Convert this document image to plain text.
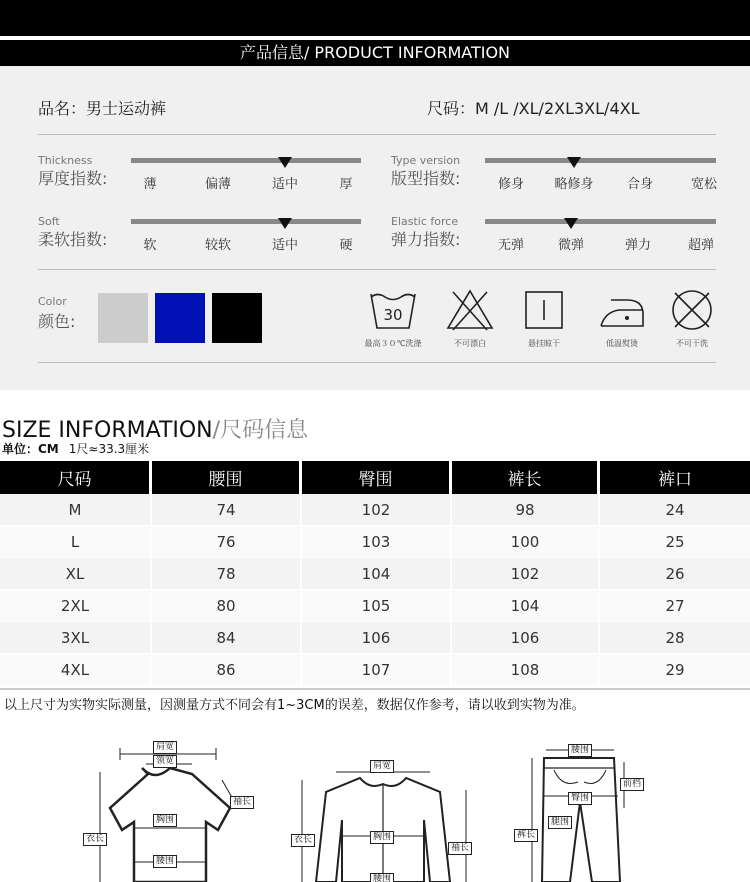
产品信息/ PRODUCT INFORMATION
品名：男士运动裤	尺码：M /L /XL/2XL3XL/4XL
Thickness
厚度指数:	薄	偏薄	适中	厚
Type version
版型指数:	修身 略修身	合身	宽松
Soft
柔软指数:	软	较软	适中	硬
Elastic force
弹力指数:	无弹	微弹	弹力	超弹
Color
颜色:	30
最高３０℃洗涤	不可漂白	悬挂晾干	低温熨烫	不可干洗
SIZE INFORMATION/尺码信息
单位：CM 1尺≈33.3厘米
尺码	腰围	臀围	裤长	裤口
M	74	102	98	24
L	76	103	100	25
XL	78	104	102	26
2XL	80	105	104	27
3XL	84	106	106	28
4XL	86	107	108	29
以上尺寸为实物实际测量，因测量方式不同会有1~3CM的误差，数据仅作参考，请以收到实物为准。
肩宽
领宽
袖长
胸围
衣长
腰围
肩宽
胸围
衣长
袖长
腰围
腰围
前档
臀围
腿围
裤长
